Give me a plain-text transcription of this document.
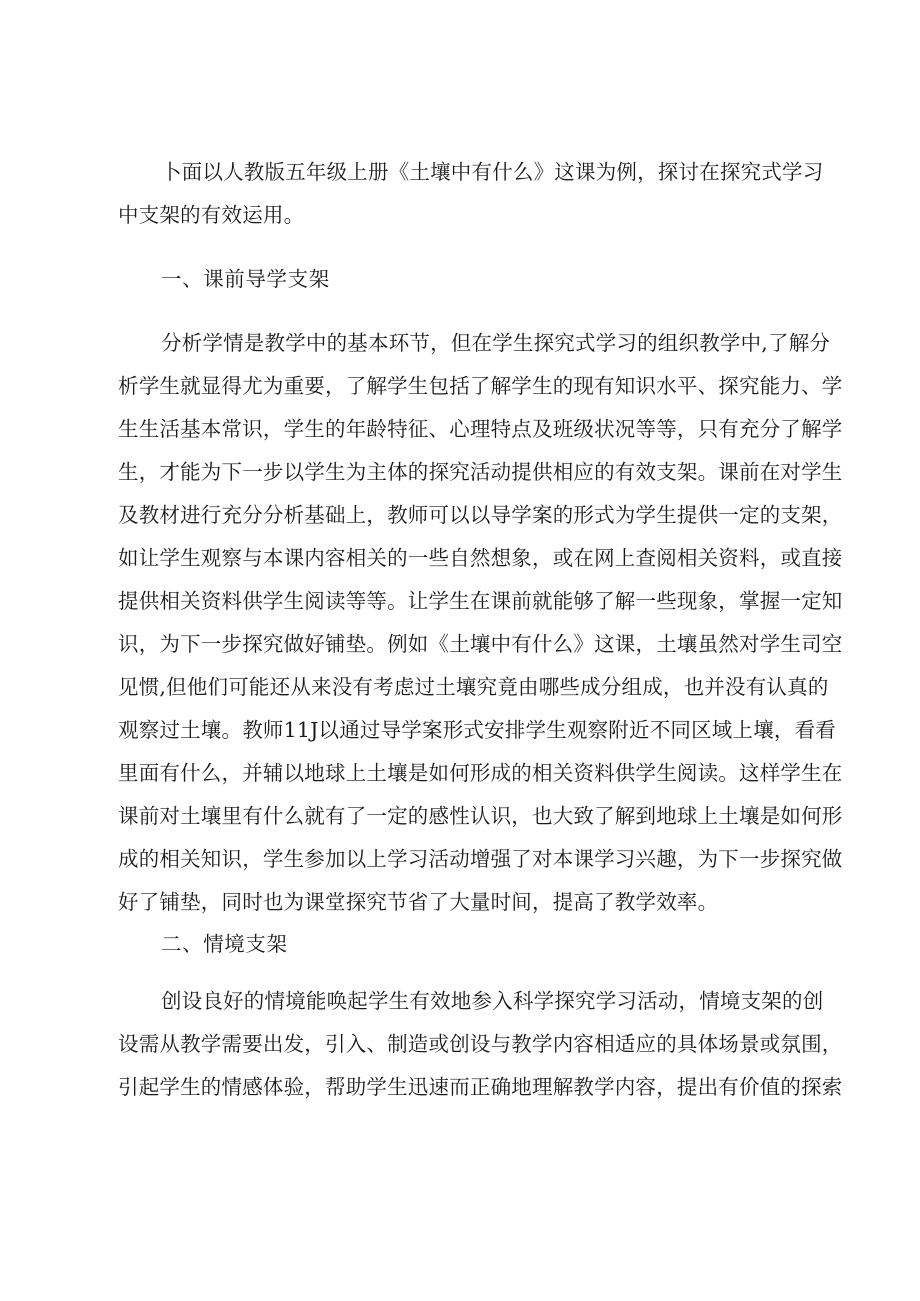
卜面以人教版五年级上册《土壤中有什么》这课为例，探讨在探究式学习
中支架的有效运用。
一、课前导学支架
分析学情是教学中的基本环节，但在学生探究式学习的组织教学中,了解分
析学生就显得尤为重要，了解学生包括了解学生的现有知识水平、探究能力、学
生生活基本常识，学生的年龄特征、心理特点及班级状况等等，只有充分了解学
生，才能为下一步以学生为主体的探究活动提供相应的有效支架。课前在对学生
及教材进行充分分析基础上，教师可以以导学案的形式为学生提供一定的支架，
如让学生观察与本课内容相关的一些自然想象，或在网上查阅相关资料，或直接
提供相关资料供学生阅读等等。让学生在课前就能够了解一些现象，掌握一定知
识，为下一步探究做好铺垫。例如《土壤中有什么》这课，土壤虽然对学生司空
见惯,但他们可能还从来没有考虑过土壤究竟由哪些成分组成，也并没有认真的
观察过土壤。教师11J以通过导学案形式安排学生观察附近不同区域上壤，看看
里面有什么，并辅以地球上土壤是如何形成的相关资料供学生阅读。这样学生在
课前对土壤里有什么就有了一定的感性认识，也大致了解到地球上土壤是如何形
成的相关知识，学生参加以上学习活动增强了对本课学习兴趣，为下一步探究做
好了铺垫，同时也为课堂探究节省了大量时间，提高了教学效率。
二、情境支架
创设良好的情境能唤起学生有效地参入科学探究学习活动，情境支架的创
设需从教学需要出发，引入、制造或创设与教学内容相适应的具体场景或氛围，
引起学生的情感体验，帮助学生迅速而正确地理解教学内容，提出有价值的探索
